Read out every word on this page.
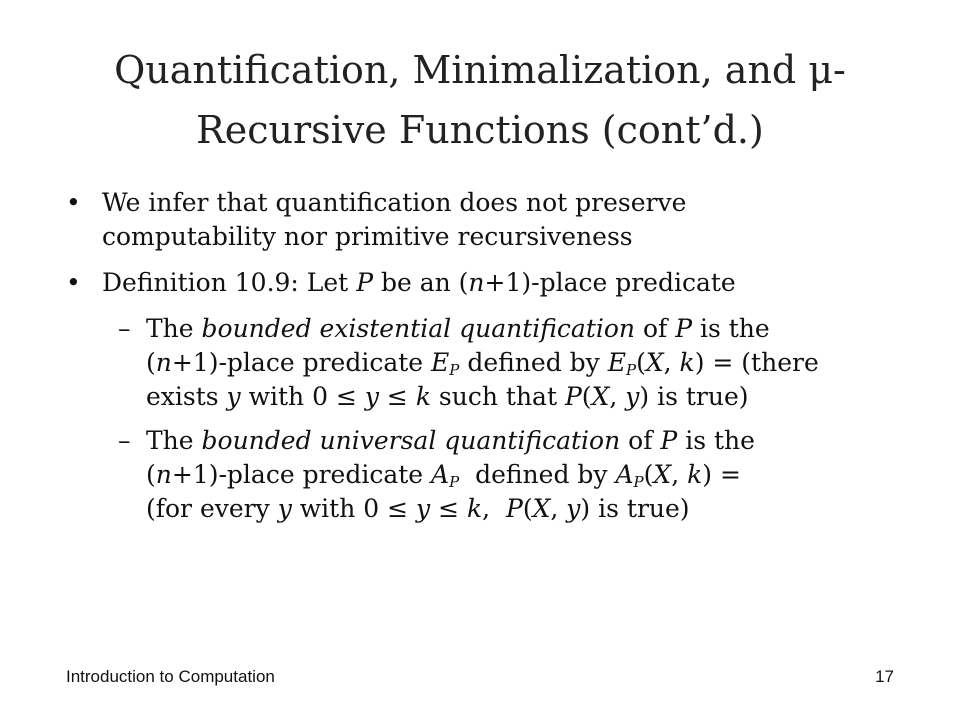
Quantification, Minimalization, and μ-
Recursive Functions (cont’d.)
• We infer that quantification does not preserve
computability nor primitive recursiveness
• Definition 10.9: Let P be an (n+1)-place predicate
– The bounded existential quantification of P is the
(n+1)-place predicate $E_P$ defined by $E_P(X$, k) = (there
exists y with 0 ≤ y ≤ k such that P(X, y) is true)
– The bounded universal quantification of P is the
(n+1)-place predicate $A_P$  defined by $A_P(X$, k) =
(for every y with 0 ≤ y ≤ k,  P(X, y) is true)
Introduction to Computation	17
